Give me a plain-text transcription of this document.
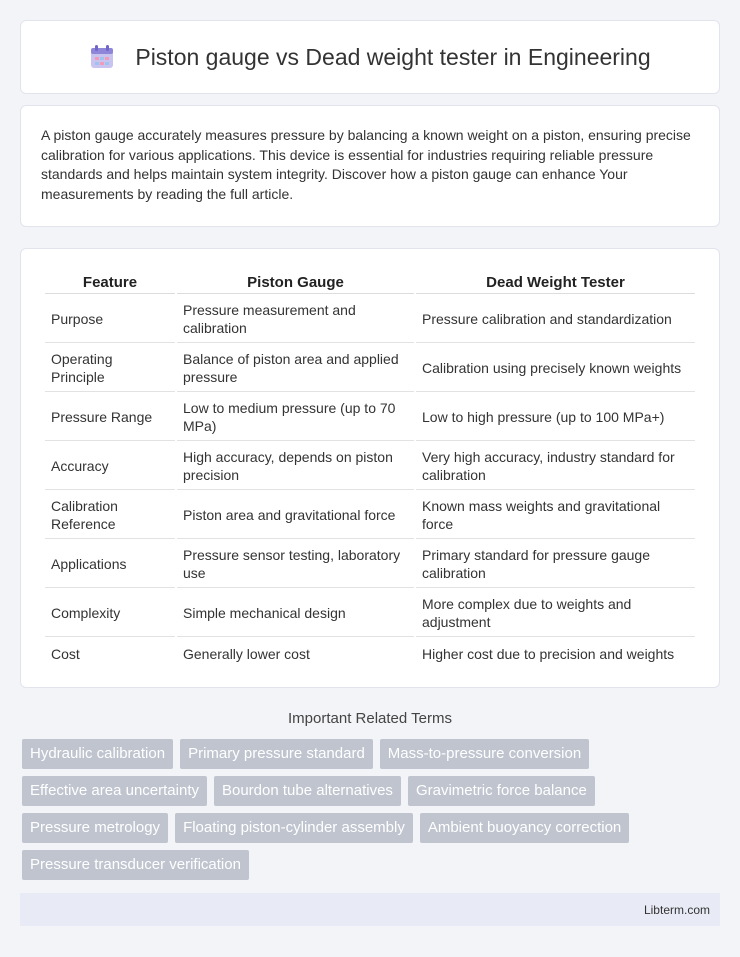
Piston gauge vs Dead weight tester in Engineering

A piston gauge accurately measures pressure by balancing a known weight on a piston, ensuring precise calibration for various applications. This device is essential for industries requiring reliable pressure standards and helps maintain system integrity. Discover how a piston gauge can enhance Your measurements by reading the full article.

Feature	Piston Gauge	Dead Weight Tester
Purpose	Pressure measurement and calibration	Pressure calibration and standardization
Operating Principle	Balance of piston area and applied pressure	Calibration using precisely known weights
Pressure Range	Low to medium pressure (up to 70 MPa)	Low to high pressure (up to 100 MPa+)
Accuracy	High accuracy, depends on piston precision	Very high accuracy, industry standard for calibration
Calibration Reference	Piston area and gravitational force	Known mass weights and gravitational force
Applications	Pressure sensor testing, laboratory use	Primary standard for pressure gauge calibration
Complexity	Simple mechanical design	More complex due to weights and adjustment
Cost	Generally lower cost	Higher cost due to precision and weights
Important Related Terms
Hydraulic calibration	Primary pressure standard	Mass-to-pressure conversion
Effective area uncertainty	Bourdon tube alternatives	Gravimetric force balance
Pressure metrology	Floating piston-cylinder assembly	Ambient buoyancy correction
Pressure transducer verification
Libterm.com
